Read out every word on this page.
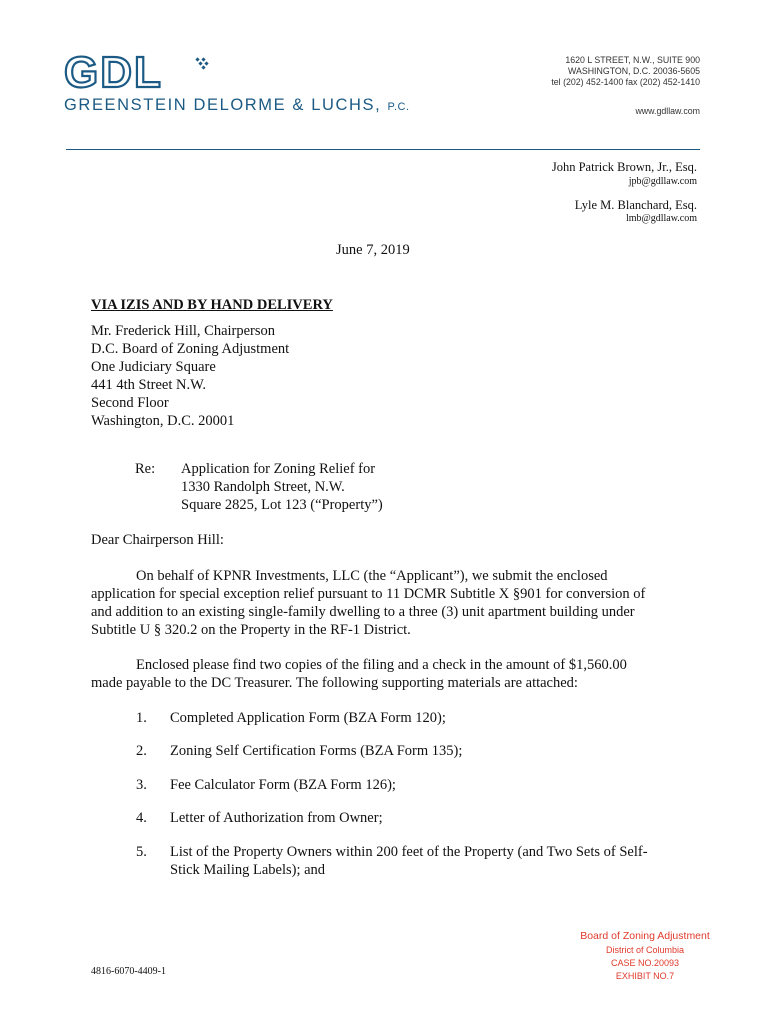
GDL
GREENSTEIN DELORME & LUCHS, P.C.
1620 L STREET, N.W., SUITE 900
WASHINGTON, D.C. 20036-5605
tel (202) 452-1400 fax (202) 452-1410
www.gdllaw.com
John Patrick Brown, Jr., Esq.
jpb@gdllaw.com
Lyle M. Blanchard, Esq.
lmb@gdllaw.com
June 7, 2019
VIA IZIS AND BY HAND DELIVERY
Mr. Frederick Hill, Chairperson
D.C. Board of Zoning Adjustment
One Judiciary Square
441 4th Street N.W.
Second Floor
Washington, D.C. 20001
Re: Application for Zoning Relief for
1330 Randolph Street, N.W.
Square 2825, Lot 123 (“Property”)
Dear Chairperson Hill:
On behalf of KPNR Investments, LLC (the “Applicant”), we submit the enclosed
application for special exception relief pursuant to 11 DCMR Subtitle X §901 for conversion of
and addition to an existing single-family dwelling to a three (3) unit apartment building under
Subtitle U § 320.2 on the Property in the RF-1 District.
Enclosed please find two copies of the filing and a check in the amount of $1,560.00
made payable to the DC Treasurer. The following supporting materials are attached:
1. Completed Application Form (BZA Form 120);
2. Zoning Self Certification Forms (BZA Form 135);
3. Fee Calculator Form (BZA Form 126);
4. Letter of Authorization from Owner;
5. List of the Property Owners within 200 feet of the Property (and Two Sets of Self-
Stick Mailing Labels); and
4816-6070-4409-1
Board of Zoning Adjustment
District of Columbia
CASE NO.20093
EXHIBIT NO.7
